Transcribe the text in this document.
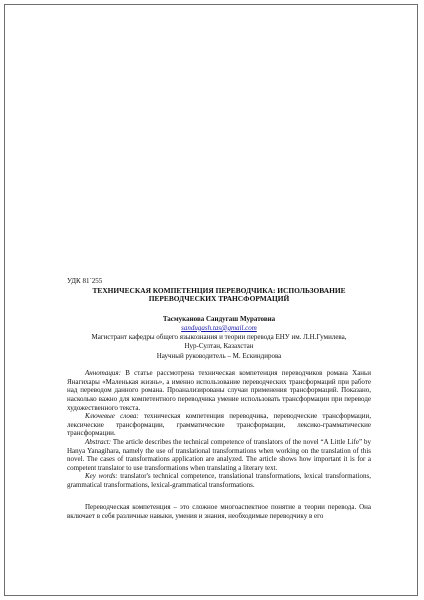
УДК 81`255

ТЕХНИЧЕСКАЯ КОМПЕТЕНЦИЯ ПЕРЕВОДЧИКА: ИСПОЛЬЗОВАНИЕ
ПЕРЕВОДЧЕСКИХ ТРАНСФОРМАЦИЙ

Тасмуканова Сандугаш Муратовна

sandugash.tas@gmail.com

Магистрант кафедры общего языкознания и теории перевода ЕНУ им. Л.Н.Гумилева,
Нур-Султан, Казахстан

Научный руководитель – М. Ескиндирова

Аннотация: В статье рассмотрена техническая компетенция переводчиков романа Ханьи Янагихары «Маленькая жизнь», а именно использование переводческих трансформаций при работе над переводом данного романа. Проанализированы случаи применения трансформаций. Показано, насколько важно для компетентного переводчика умение использовать трансформации при переводе художественного текста.

Ключевые слова: техническая компетенция переводчика, переводческие трансформации, лексические трансформации, грамматические трансформации, лексико-грамматические трансформации.

Abstract: The article describes the technical competence of translators of the novel “A Little Life” by Hanya Yanagihara, namely the use of translational transformations when working on the translation of this novel. The cases of transformations application are analyzed. The article shows how important it is for a competent translator to use transformations when translating a literary text.

Key words: translator's technical competence, translational transformations, lexical transformations, grammatical transformations, lexical-grammatical transformations.

Переводческая компетенция – это сложное многоаспектное понятие в теории перевода. Она включает в себя различные навыки, умения и знания, необходимые переводчику в его
